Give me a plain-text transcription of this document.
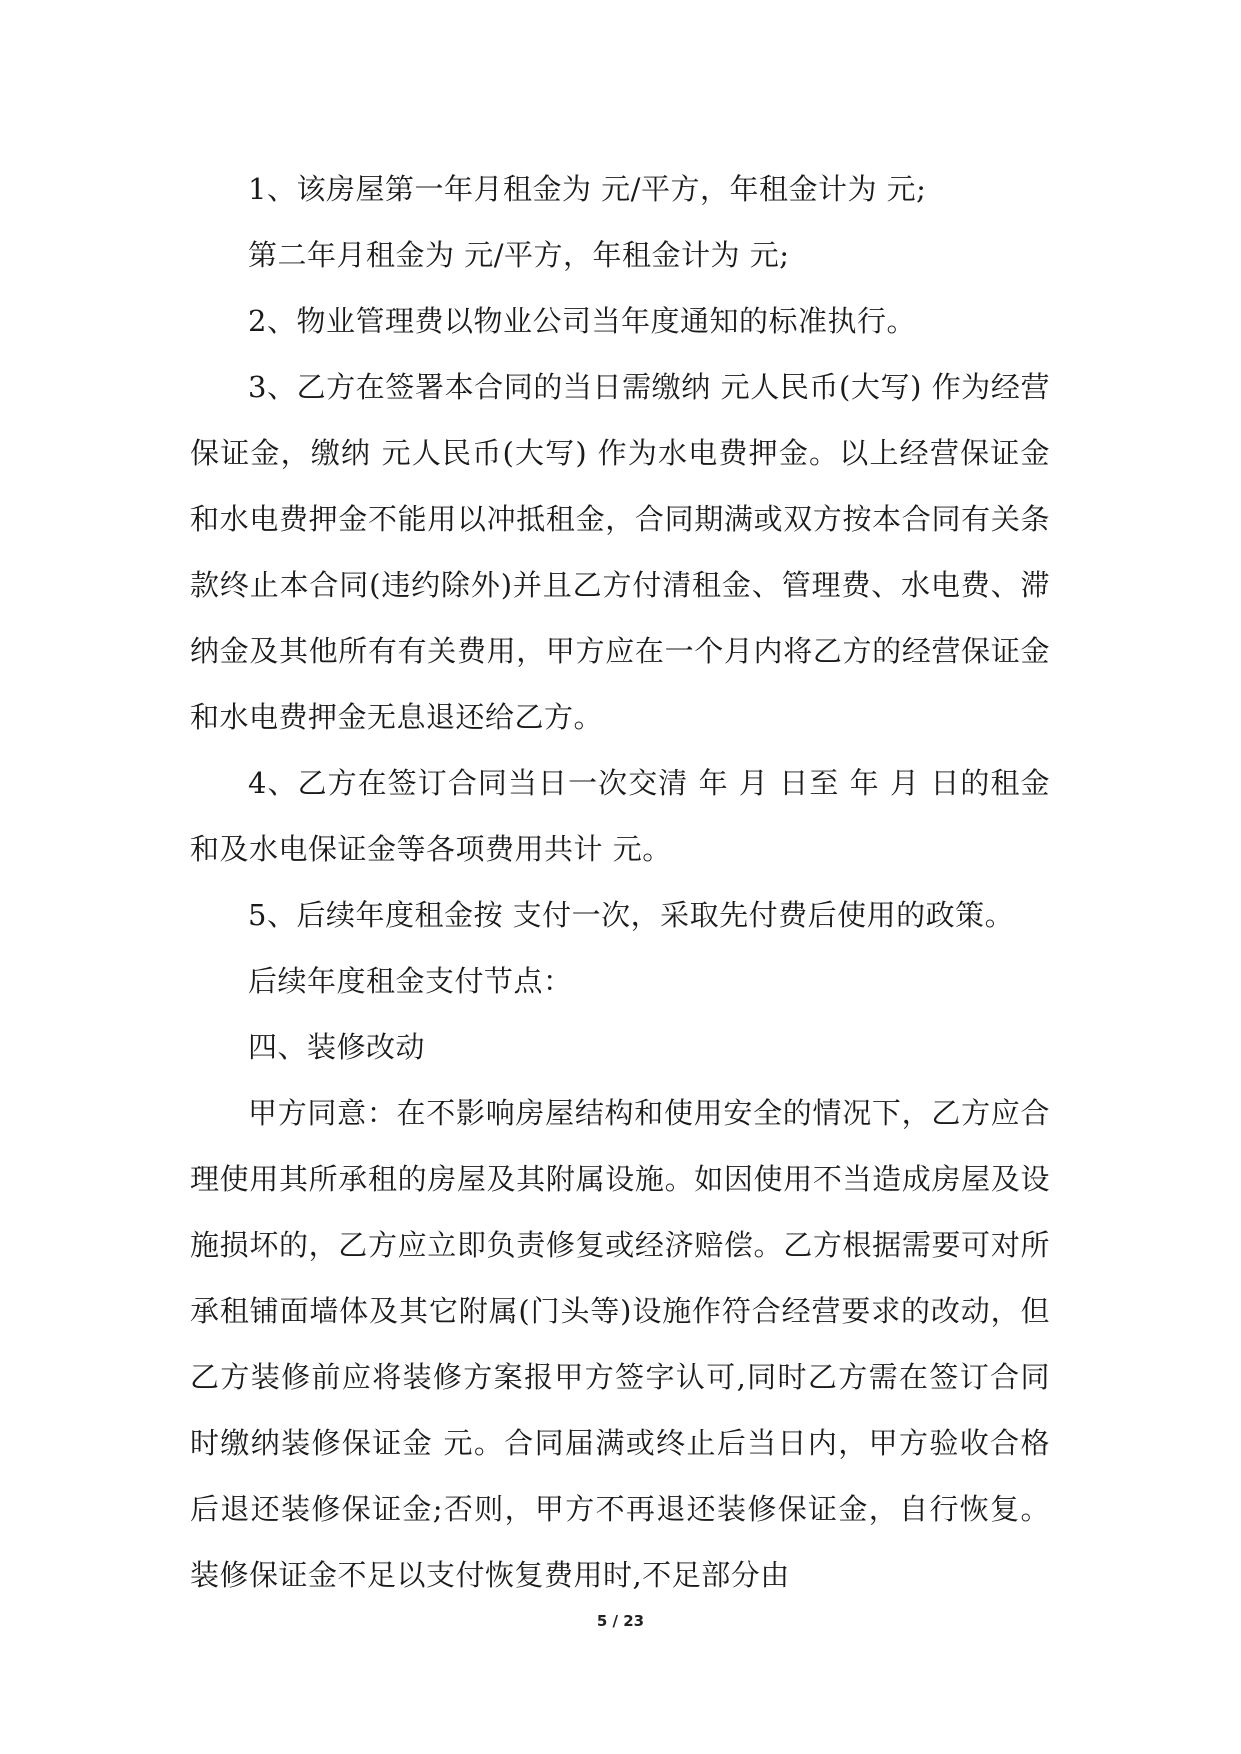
1、该房屋第一年月租金为 元/平方，年租金计为 元;

第二年月租金为 元/平方，年租金计为 元;

2、物业管理费以物业公司当年度通知的标准执行。

3、乙方在签署本合同的当日需缴纳 元人民币(大写) 作为经营保证金，缴纳 元人民币(大写) 作为水电费押金。以上经营保证金和水电费押金不能用以冲抵租金，合同期满或双方按本合同有关条款终止本合同(违约除外)并且乙方付清租金、管理费、水电费、滞纳金及其他所有有关费用，甲方应在一个月内将乙方的经营保证金和水电费押金无息退还给乙方。

4、乙方在签订合同当日一次交清 年 月 日至 年 月 日的租金和及水电保证金等各项费用共计 元。

5、后续年度租金按 支付一次，采取先付费后使用的政策。

后续年度租金支付节点：

四、装修改动

甲方同意：在不影响房屋结构和使用安全的情况下，乙方应合理使用其所承租的房屋及其附属设施。如因使用不当造成房屋及设施损坏的，乙方应立即负责修复或经济赔偿。乙方根据需要可对所承租铺面墙体及其它附属(门头等)设施作符合经营要求的改动，但乙方装修前应将装修方案报甲方签字认可,同时乙方需在签订合同时缴纳装修保证金 元。合同届满或终止后当日内，甲方验收合格后退还装修保证金;否则，甲方不再退还装修保证金，自行恢复。装修保证金不足以支付恢复费用时,不足部分由

5 / 23
